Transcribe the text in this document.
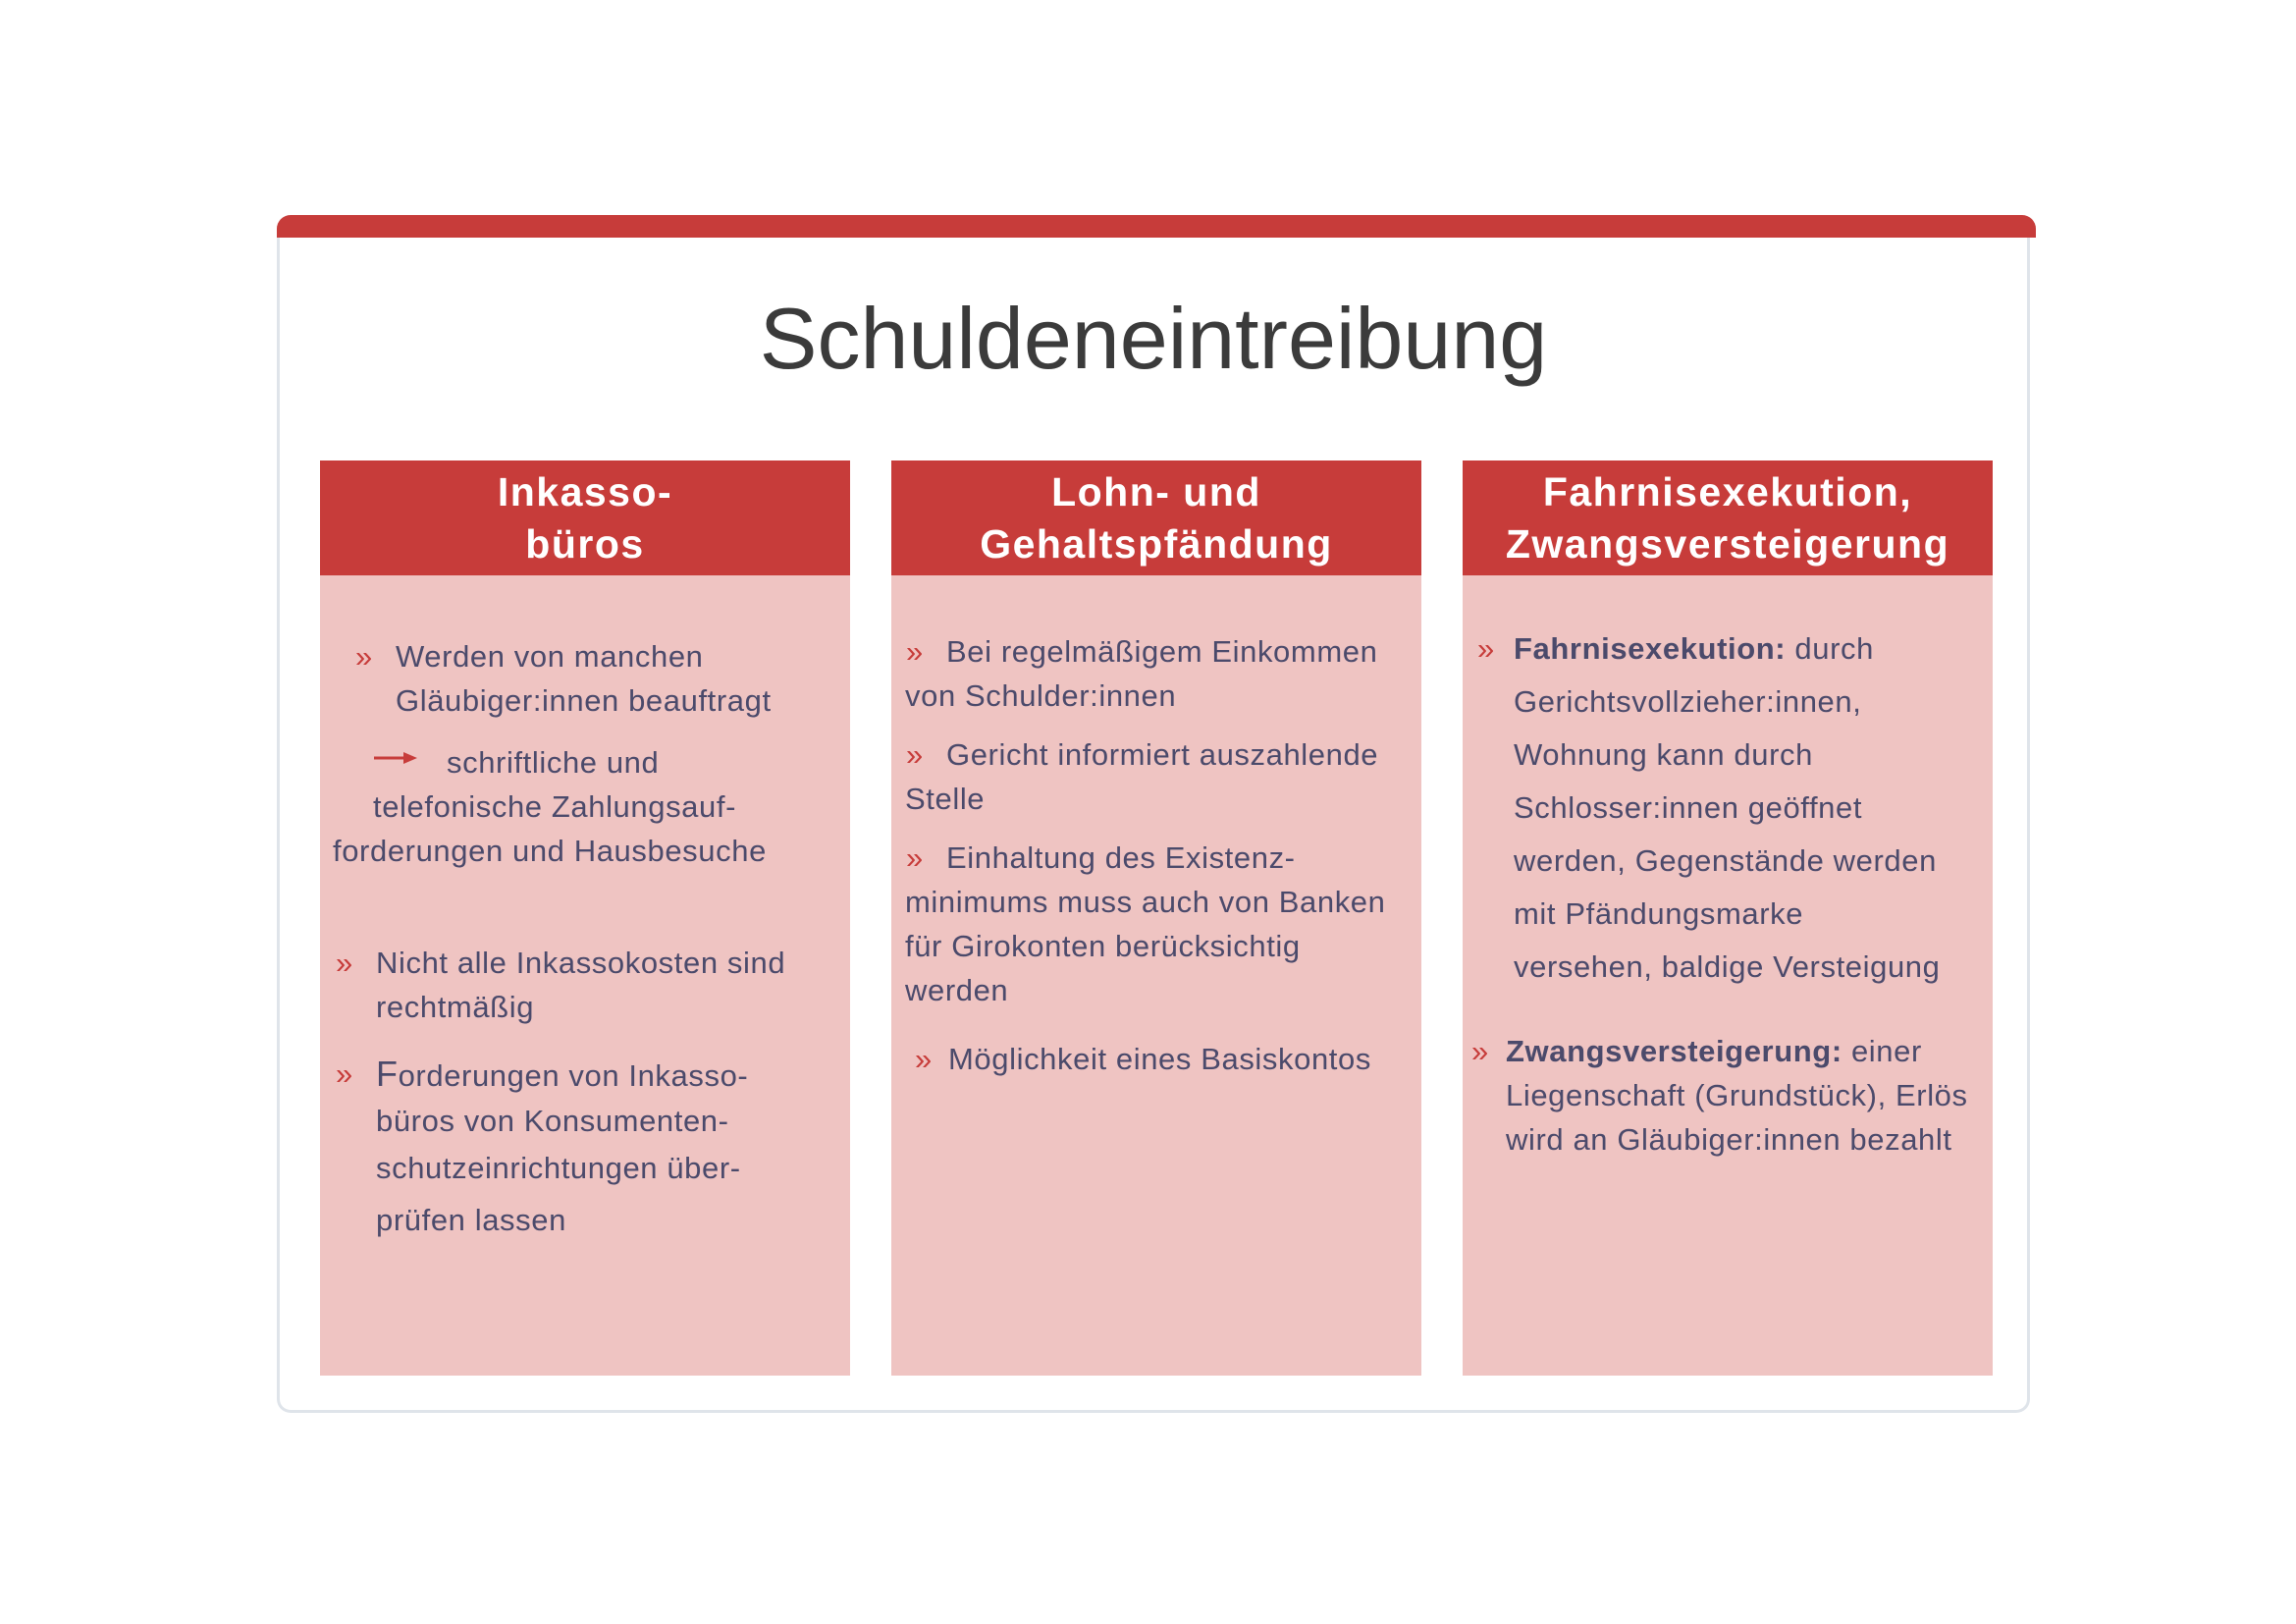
Schuldeneintreibung
Inkasso-
büros
» Werden von manchen
Gläubiger:innen beauftragt
schriftliche und
telefonische Zahlungsauf-
forderungen und Hausbesuche
» Nicht alle Inkassokosten sind
rechtmäßig
» Forderungen von Inkasso-
büros von Konsumenten-
schutzeinrichtungen über-
prüfen lassen
Lohn- und
Gehaltspfändung
» Bei regelmäßigem Einkommen
von Schulder:innen
» Gericht informiert auszahlende
Stelle
» Einhaltung des Existenz-
minimums muss auch von Banken
für Girokonten berücksichtig
werden
» Möglichkeit eines Basiskontos
Fahrnisexekution,
Zwangsversteigerung
» Fahrnisexekution: durch
Gerichtsvollzieher:innen,
Wohnung kann durch
Schlosser:innen geöffnet
werden, Gegenstände werden
mit Pfändungsmarke
versehen, baldige Versteigung
» Zwangsversteigerung: einer
Liegenschaft (Grundstück), Erlös
wird an Gläubiger:innen bezahlt
